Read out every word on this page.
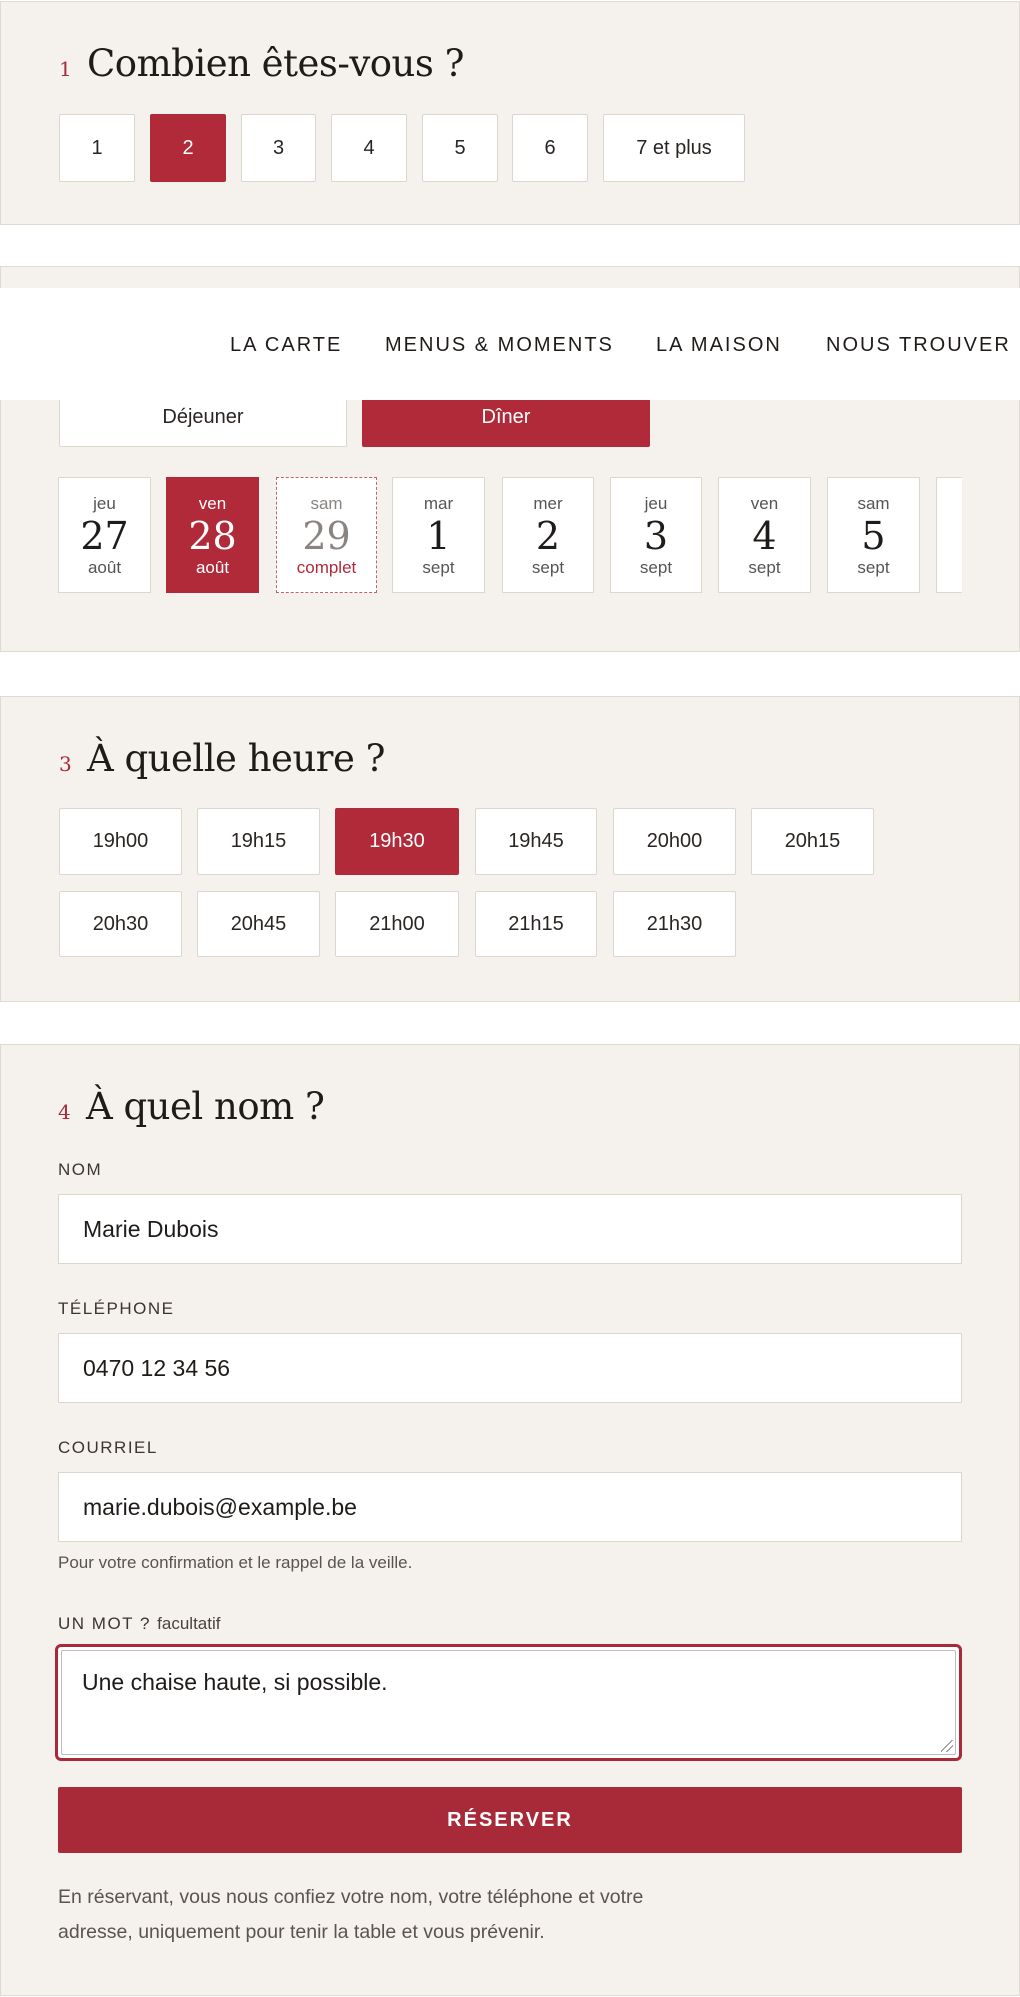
1 Combien êtes-vous ?
1	2	3	4	5	6	7 et plus
Déjeuner	Dîner
LA CARTE MENUS & MOMENTS LA MAISON NOUS TROUVER
jeu
27
août
ven
28
août
sam
29
complet
mar
1
sept
mer
2
sept
jeu
3
sept
ven
4
sept
sam
5
sept
3 À quelle heure ?
19h00	19h15	19h30	19h45	20h00	20h15
20h30	20h45	21h00	21h15	21h30
4 À quel nom ?
NOM
Marie Dubois
TÉLÉPHONE
0470 12 34 56
COURRIEL
marie.dubois@example.be
Pour votre confirmation et le rappel de la veille.
UN MOT ? facultatif
Une chaise haute, si possible.
RÉSERVER
En réservant, vous nous confiez votre nom, votre téléphone et votre
adresse, uniquement pour tenir la table et vous prévenir.
